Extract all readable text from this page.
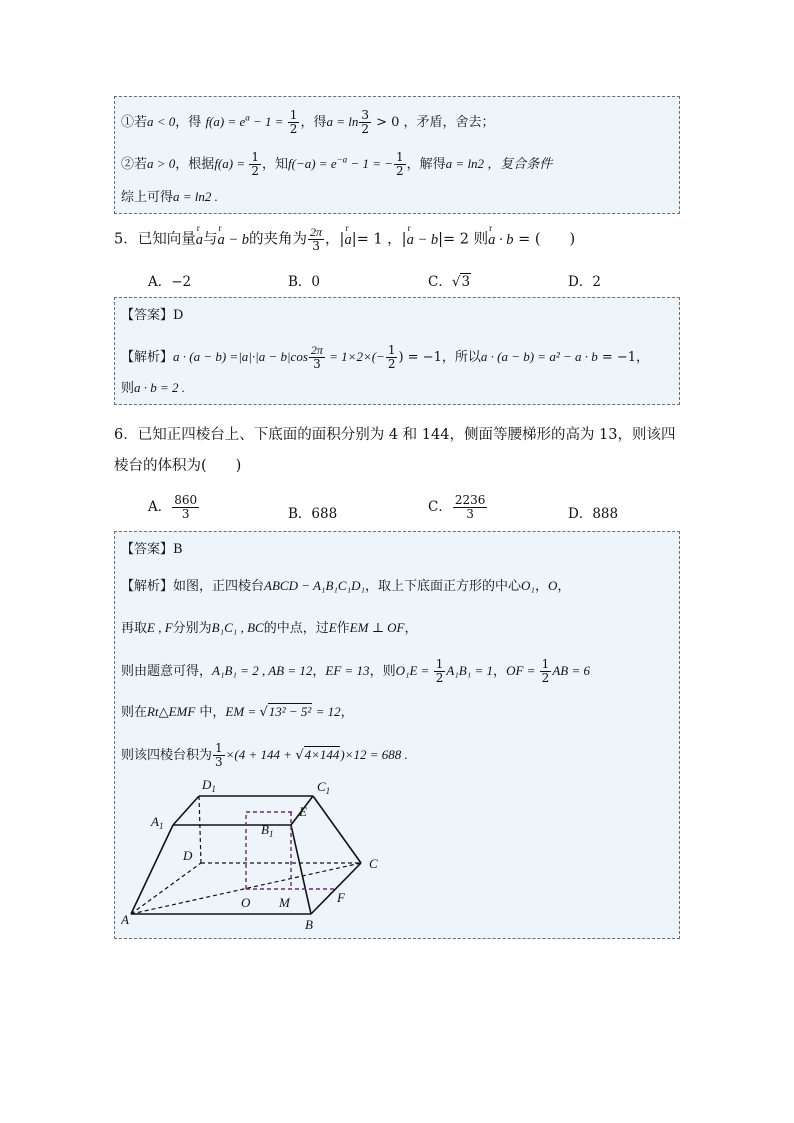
①若a < 0，得 $f(a) = e^a - 1 = \frac{1}{2}$ ，得$a = \ln \frac{3}{2} > 0$ ，矛盾，舍去；
②若a > 0，根据$f(a) = \frac{1}{2}$ ，知$f(-a) = e^{-a} - 1$ = − $\frac{1}{2}$ ，解得a = ln2 ，复合条件
综上可得a = ln2 .
5．已知向量r a与r a − b的夹角为 $\frac{2\pi}{3}$ ，|r a|= 1 ，|r a − b|= 2 则r a · b = (　　)
A．−2	B．0	C．√3	D．2
【答案】D
【解析】$a \cdot (a - b) =|a|\cdot|a - b|\cos \frac{2\pi}{3} = 1\times 2\times(- \frac{1}{2}$ ) = −1，所以a · (a − b) = a² − a · b = −1，
则a · b = 2 .
6．已知正四棱台上、下底面的面积分别为 4 和 144，侧面等腰梯形的高为 13，则该四
棱台的体积为(　　)
A． $\frac{860}{3}$	B．688	C． $\frac{2236}{3}$	D．888
【答案】B
【解析】如图，正四棱台ABCD − A₁B₁C₁D₁，取上下底面正方形的中心O₁，O，
再取E , F分别为B₁C₁ , BC的中点，过E作EM ⊥ OF，
则由题意可得，A₁B₁ = 2 , AB = 12，EF = 13，则$O_1E = \frac{1}{2} A_1B_1 = 1$，OF = $\frac{1}{2}$ AB = 6
则在Rt△EMF 中，EM = √13² − 5² = 12，
则该四棱台积为 $\frac{1}{3} \times(4 + 144 + √4\times 144)\times 12 = 688$ .
$D_1$	$C_1$
$A_1$	$B_1$
E
D
C
O M	F
A	B
